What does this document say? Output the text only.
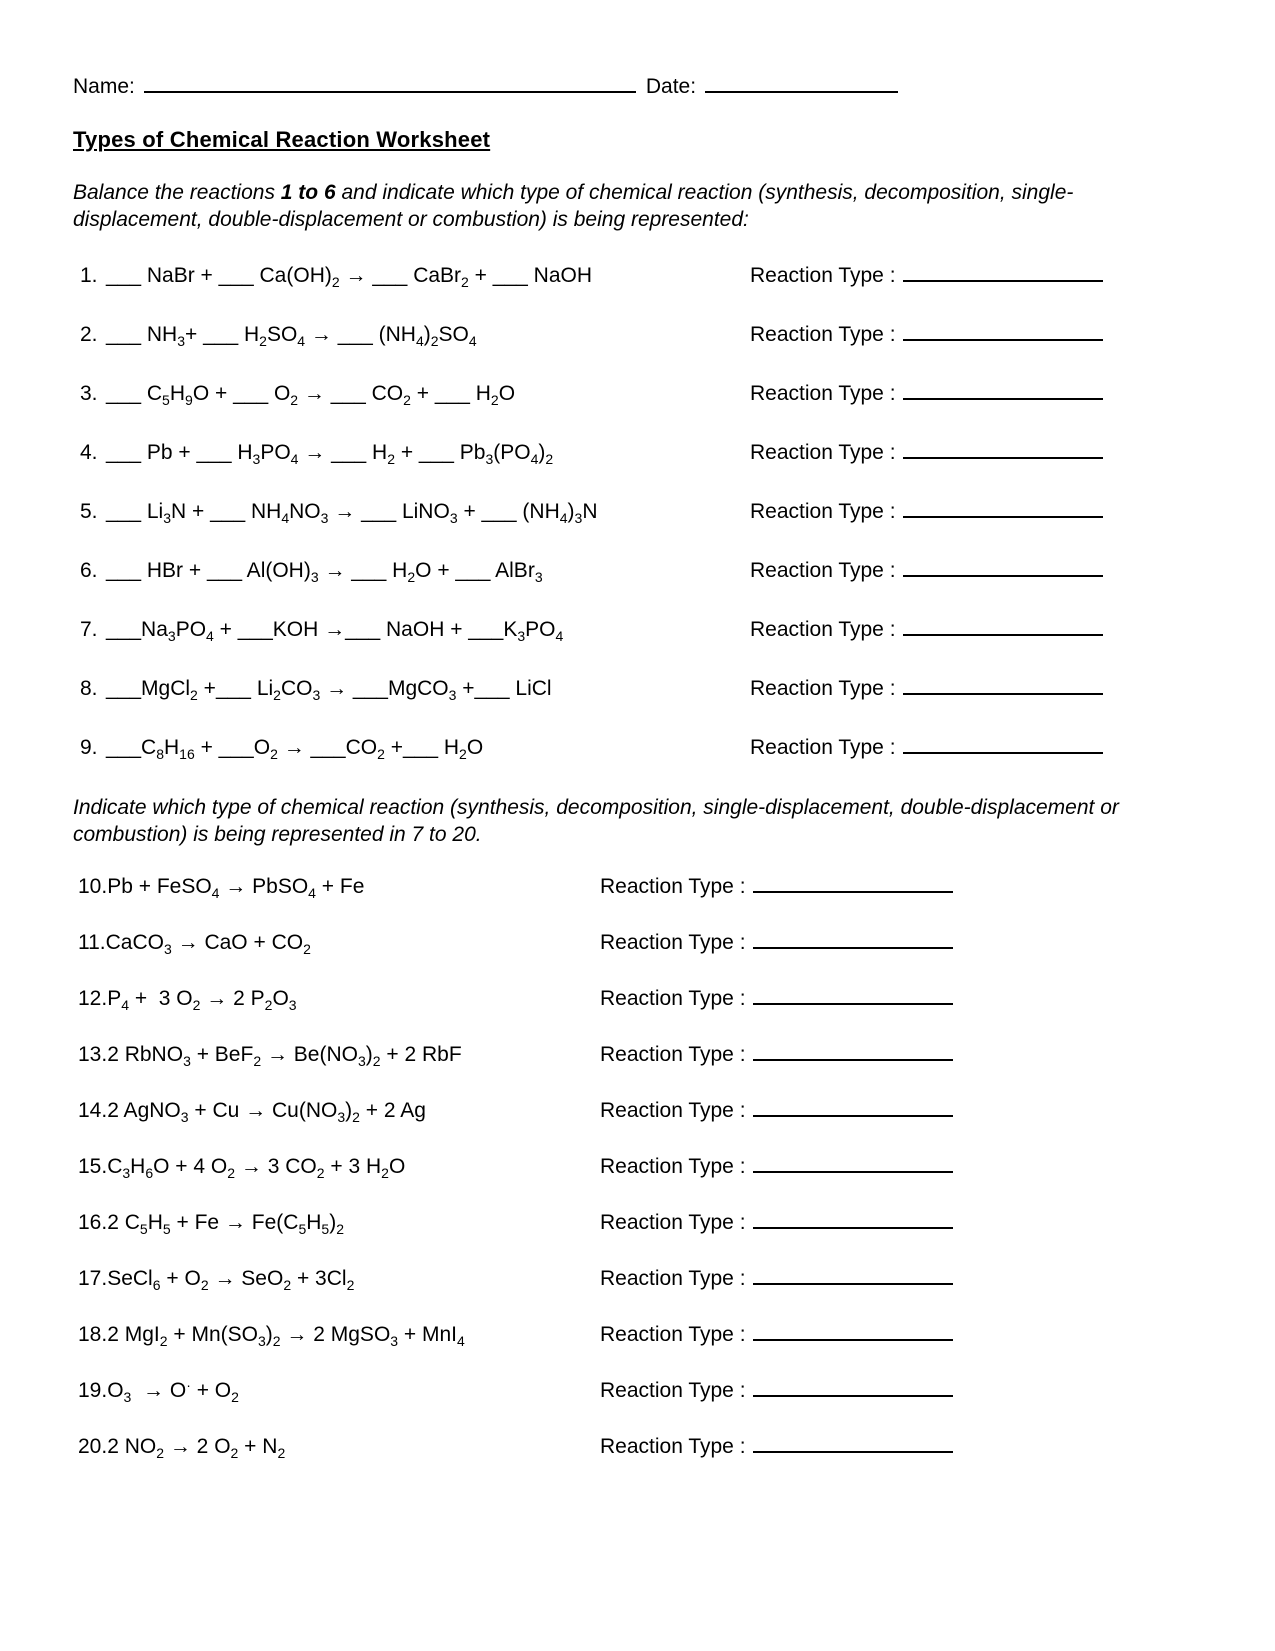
Name:	Date:
Types of Chemical Reaction Worksheet
Balance the reactions 1 to 6 and indicate which type of chemical reaction (synthesis, decomposition, single-displacement, double-displacement or combustion) is being represented:
1. ___ NaBr + ___ $Ca(OH)_2$ → ___ CaBr$_2$ + ___ NaOH	Reaction Type :
2. ___ $NH_3+$ ___ $H_2SO_4$ → ___ $(NH_4)_2SO_4$	Reaction Type :
3. ___ $C_5H_9O$ + ___ $O_2$ → ___ $CO_2$ + ___ $H_2O$	Reaction Type :
4. ___ Pb + ___ $H_3PO_4$ → ___ $H_2$ + ___ $Pb_3(PO_4)_2$	Reaction Type :
5. ___ $Li_3N$ + ___ $NH_4NO_3$ → ___ LiNO$_3$ + ___ $(NH_4)_3N$	Reaction Type :
6. ___ HBr + ___ $Al(OH)_3$ → ___ $H_2O$ + ___ AlBr$_3$	Reaction Type :
7. $\_\_\_Na_3PO_4$ + ___KOH →___ NaOH + $\_\_\_K_3PO_4$	Reaction Type :
8. ___MgCl$_2$ +___ $Li_2CO_3$ → ___MgCO$_3$ +___ LiCl	Reaction Type :
9. $\_\_\_C_8H_{16}$ + $\_\_\_O_2$ → $\_\_\_CO_2$ +___ $H_2O$	Reaction Type :
Indicate which type of chemical reaction (synthesis, decomposition, single-displacement, double-displacement or combustion) is being represented in 7 to 20.
10.Pb + FeSO$_4$ → PbSO$_4$ + Fe	Reaction Type :
11.CaCO$_3$ → CaO + $CO_2$	Reaction Type :
$12.P_4 + 3$ $O_2 \to 2$ $P_2O_3$	Reaction Type :
13.2 RbNO$_3$ + $BeF_2 \to Be(NO_3)_2 + 2$ RbF	Reaction Type :
14.2 AgNO$_3$ + $Cu \to Cu(NO_3)_2 + 2$ Ag	Reaction Type :
$15.C_3H_6O + 4$ $O_2 \to 3$ $CO_2 + 3$ $H_2O$	Reaction Type :
16.2 $C_5H_5 + Fe \to Fe(C_5H_5)_2$	Reaction Type :
17.SeCl$_6$ + $O_2 \to SeO_2 + 3Cl_2$	Reaction Type :
18.2 $MgI_2 + Mn(SO_3)_2 \to 2$ MgSO$_3$ + MnI$_4$	Reaction Type :
$19.O_3 \to O^\cdot + O_2$	Reaction Type :
20.2 $NO_2 \to 2$ $O_2 + N_2$	Reaction Type :
